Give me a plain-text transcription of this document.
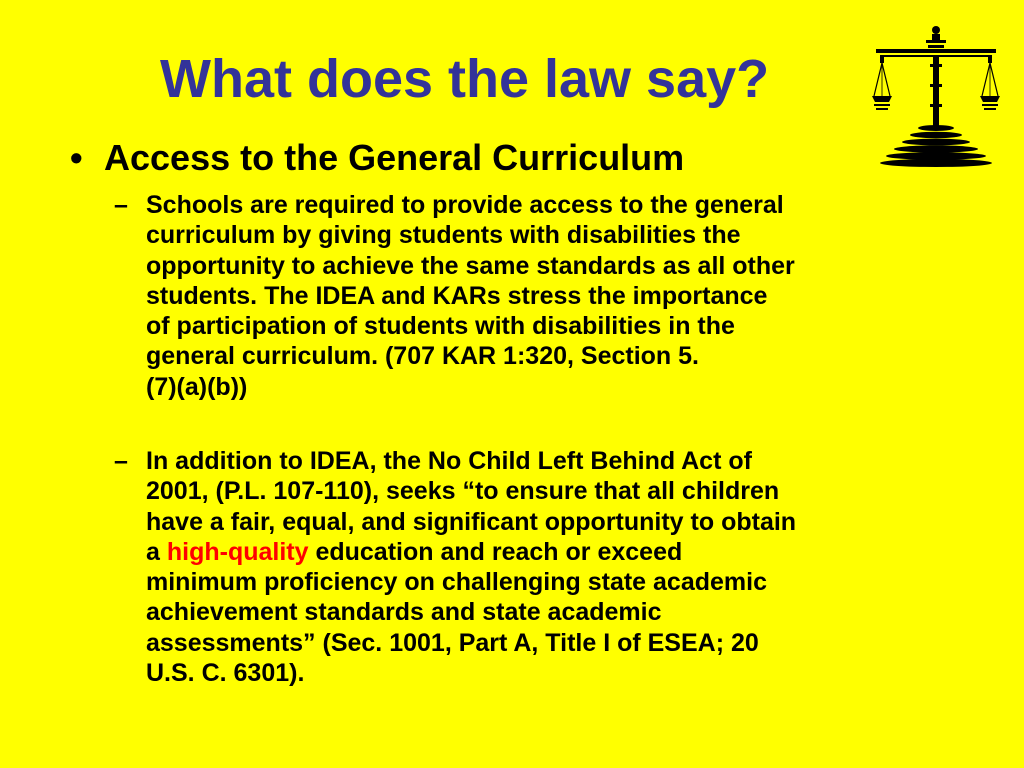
What does the law say?
• Access to the General Curriculum
– Schools are required to provide access to the general
curriculum by giving students with disabilities the
opportunity to achieve the same standards as all other
students. The IDEA and KARs stress the importance
of participation of students with disabilities in the
general curriculum. (707 KAR 1:320, Section 5.
(7)(a)(b))
– In addition to IDEA, the No Child Left Behind Act of
2001, (P.L. 107-110), seeks “to ensure that all children
have a fair, equal, and significant opportunity to obtain
a high-quality education and reach or exceed
minimum proficiency on challenging state academic
achievement standards and state academic
assessments” (Sec. 1001, Part A, Title I of ESEA; 20
U.S. C. 6301).
